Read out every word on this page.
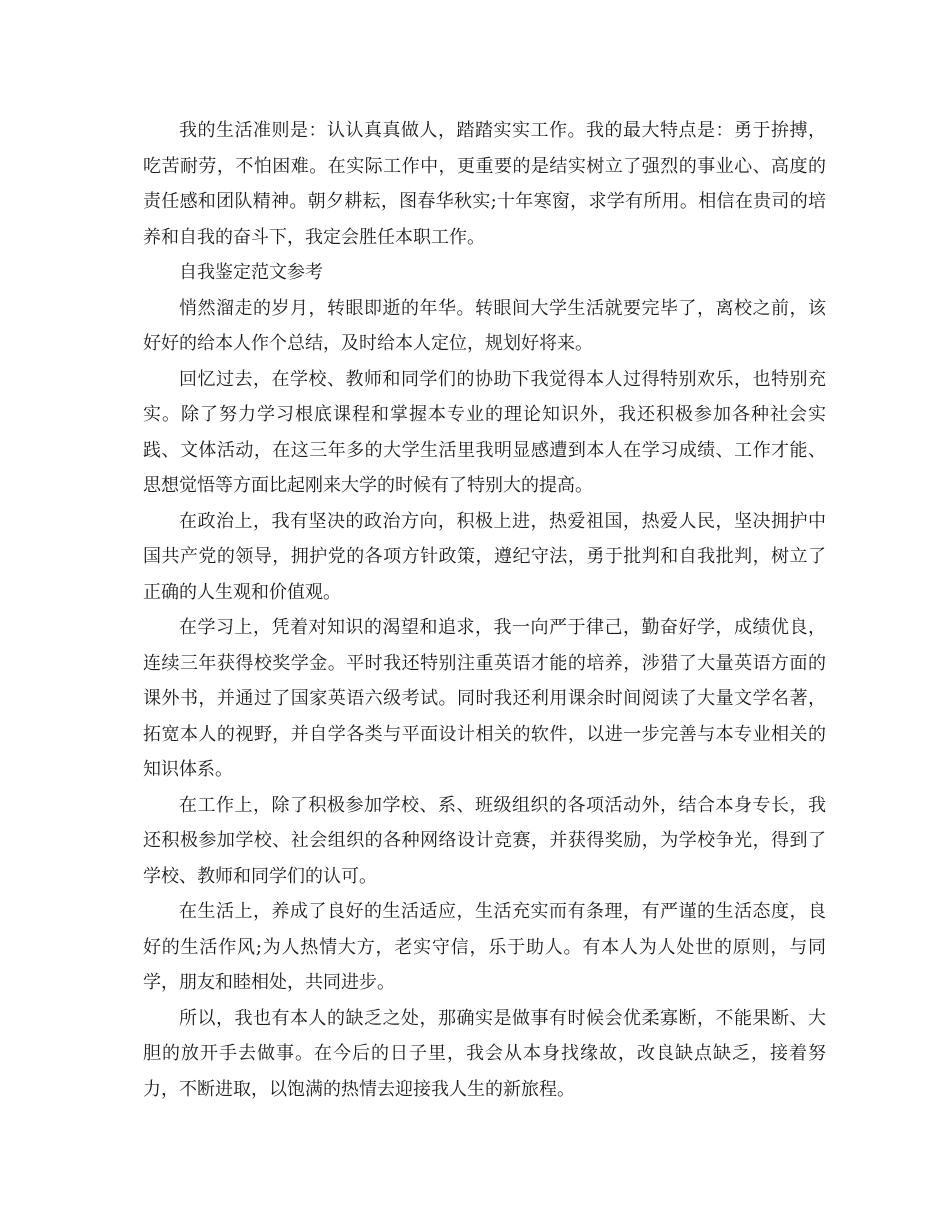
我的生活准则是：认认真真做人，踏踏实实工作。我的最大特点是：勇于拚搏，吃苦耐劳，不怕困难。在实际工作中，更重要的是结实树立了强烈的事业心、高度的责任感和团队精神。朝夕耕耘，图春华秋实;十年寒窗，求学有所用。相信在贵司的培养和自我的奋斗下，我定会胜任本职工作。

自我鉴定范文参考

悄然溜走的岁月，转眼即逝的年华。转眼间大学生活就要完毕了，离校之前，该好好的给本人作个总结，及时给本人定位，规划好将来。

回忆过去，在学校、教师和同学们的协助下我觉得本人过得特别欢乐，也特别充实。除了努力学习根底课程和掌握本专业的理论知识外，我还积极参加各种社会实践、文体活动，在这三年多的大学生活里我明显感遭到本人在学习成绩、工作才能、思想觉悟等方面比起刚来大学的时候有了特别大的提高。

在政治上，我有坚决的政治方向，积极上进，热爱祖国，热爱人民，坚决拥护中国共产党的领导，拥护党的各项方针政策，遵纪守法，勇于批判和自我批判，树立了正确的人生观和价值观。

在学习上，凭着对知识的渴望和追求，我一向严于律己，勤奋好学，成绩优良，连续三年获得校奖学金。平时我还特别注重英语才能的培养，涉猎了大量英语方面的课外书，并通过了国家英语六级考试。同时我还利用课余时间阅读了大量文学名著，拓宽本人的视野，并自学各类与平面设计相关的软件，以进一步完善与本专业相关的知识体系。

在工作上，除了积极参加学校、系、班级组织的各项活动外，结合本身专长，我还积极参加学校、社会组织的各种网络设计竞赛，并获得奖励，为学校争光，得到了学校、教师和同学们的认可。

在生活上，养成了良好的生活适应，生活充实而有条理，有严谨的生活态度，良好的生活作风;为人热情大方，老实守信，乐于助人。有本人为人处世的原则，与同学，朋友和睦相处，共同进步。

所以，我也有本人的缺乏之处，那确实是做事有时候会优柔寡断，不能果断、大胆的放开手去做事。在今后的日子里，我会从本身找缘故，改良缺点缺乏，接着努力，不断进取，以饱满的热情去迎接我人生的新旅程。
